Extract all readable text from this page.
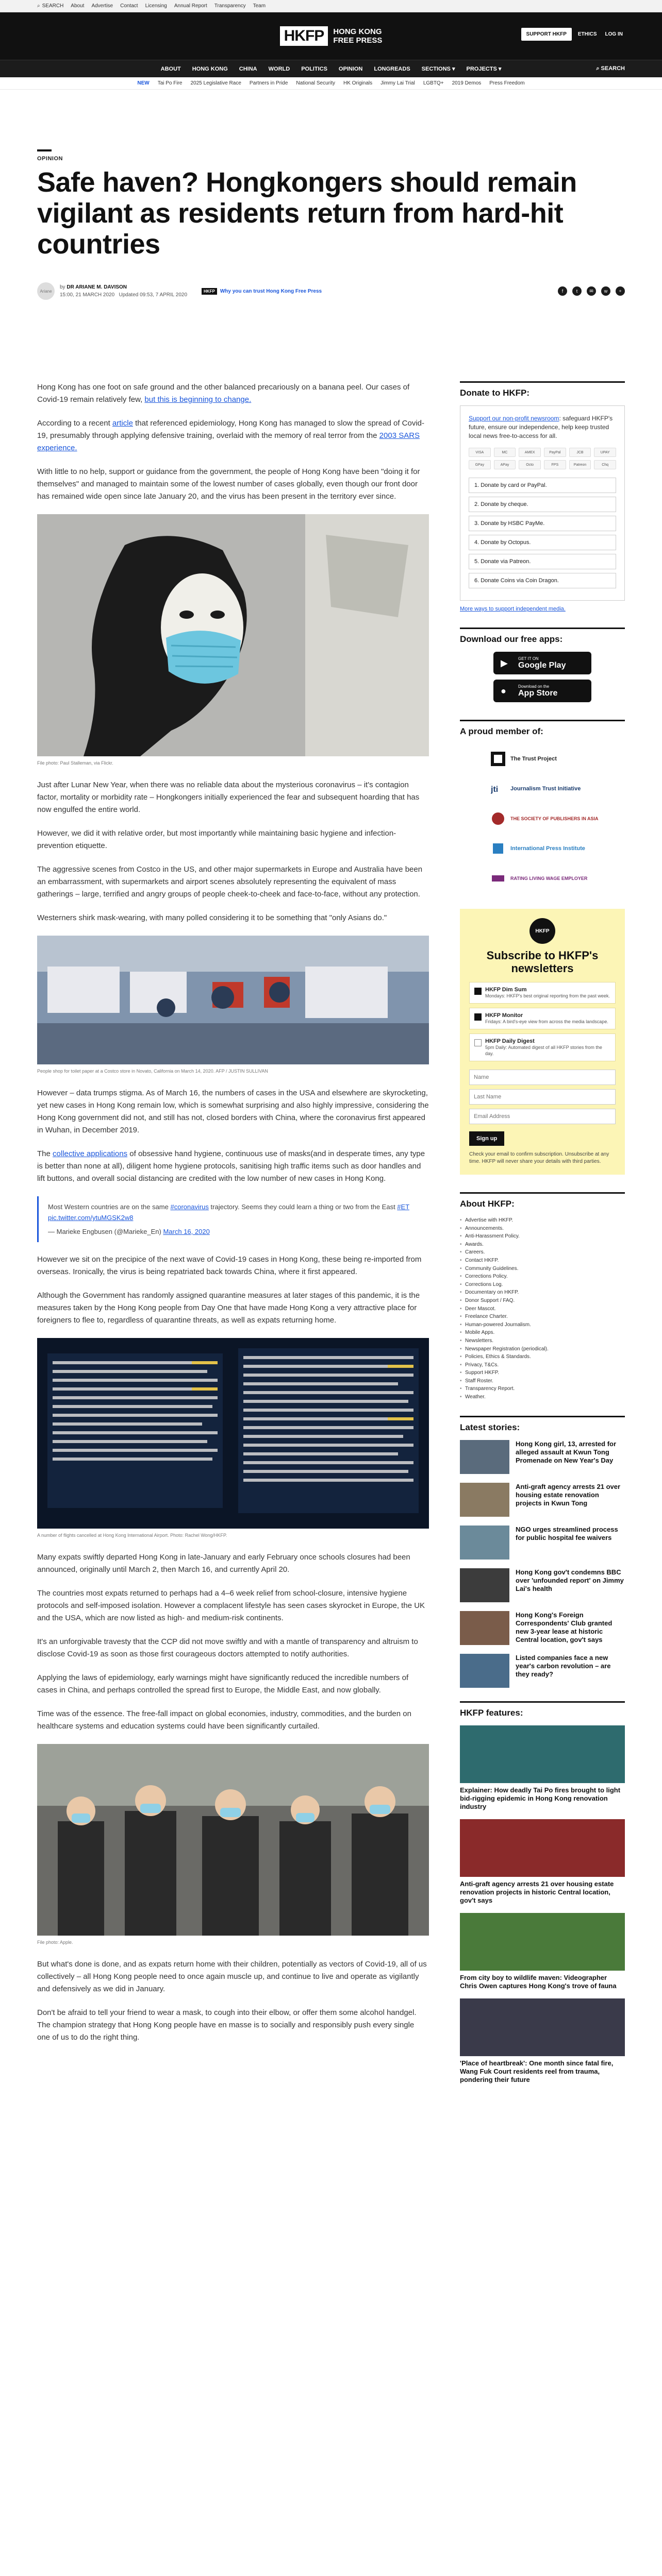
⌕ SEARCH About Advertise Contact Licensing Annual Report Transparency Team
HKFP	HONG KONG
FREE PRESS
SUPPORT HKFP	ETHICS	LOG IN
ABOUT HONG KONG CHINA WORLD POLITICS OPINION LONGREADS SECTIONS ▾ PROJECTS ▾	⌕ SEARCH
NEW Tai Po Fire 2025 Legislative Race Partners in Pride National Security HK Originals Jimmy Lai Trial LGBTQ+ 2019 Demos Press Freedom
OPINION
Safe haven? Hongkongers should remain vigilant as residents return from hard-hit countries
Ariane
by DR ARIANE M. DAVISON
15:00, 21 MARCH 2020 Updated 09:53, 7 APRIL 2020
HKFP	Why you can trust Hong Kong Free Press	f	t	✉	w	+

Hong Kong has one foot on safe ground and the other balanced precariously on a banana peel. Our cases of Covid-19 remain relatively few, but this is beginning to change.

According to a recent article that referenced epidemiology, Hong Kong has managed to slow the spread of Covid-19, presumably through applying defensive training, overlaid with the memory of real terror from the 2003 SARS experience.

With little to no help, support or guidance from the government, the people of Hong Kong have been "doing it for themselves" and managed to maintain some of the lowest number of cases globally, even though our front door has remained wide open since late January 20, and the virus has been present in the territory ever since.

File photo: Paul Stalleman, via Flickr.

Just after Lunar New Year, when there was no reliable data about the mysterious coronavirus – it's contagion factor, mortality or morbidity rate – Hongkongers initially experienced the fear and subsequent hoarding that has now engulfed the entire world.

However, we did it with relative order, but most importantly while maintaining basic hygiene and infection-prevention etiquette.

The aggressive scenes from Costco in the US, and other major supermarkets in Europe and Australia have been an embarrassment, with supermarkets and airport scenes absolutely representing the equivalent of mass gatherings – large, terrified and angry groups of people cheek-to-cheek and face-to-face, without any protection.

Westerners shirk mask-wearing, with many polled considering it to be something that "only Asians do."

People shop for toilet paper at a Costco store in Novato, California on March 14, 2020. AFP / JUSTIN SULLIVAN

However – data trumps stigma. As of March 16, the numbers of cases in the USA and elsewhere are skyrocketing, yet new cases in Hong Kong remain low, which is somewhat surprising and also highly impressive, considering the Hong Kong government did not, and still has not, closed borders with China, where the coronavirus first appeared in Wuhan, in December 2019.

The collective applications of obsessive hand hygiene, continuous use of masks(and in desperate times, any type is better than none at all), diligent home hygiene protocols, sanitising high traffic items such as door handles and lift buttons, and overall social distancing are credited with the low number of new cases in Hong Kong.

Most Western countries are on the same #coronavirus trajectory. Seems they could learn a thing or two from the East #ET pic.twitter.com/ytuMGSK2w8
— Marieke Engbusen (@Marieke_En) March 16, 2020

However we sit on the precipice of the next wave of Covid-19 cases in Hong Kong, these being re-imported from overseas. Ironically, the virus is being repatriated back towards China, where it first appeared.

Although the Government has randomly assigned quarantine measures at later stages of this pandemic, it is the measures taken by the Hong Kong people from Day One that have made Hong Kong a very attractive place for foreigners to flee to, regardless of quarantine threats, as well as expats returning home.

A number of flights cancelled at Hong Kong International Airport. Photo: Rachel Wong/HKFP.

Many expats swiftly departed Hong Kong in late-January and early February once schools closures had been announced, originally until March 2, then March 16, and currently April 20.

The countries most expats returned to perhaps had a 4–6 week relief from school-closure, intensive hygiene protocols and self-imposed isolation. However a complacent lifestyle has seen cases skyrocket in Europe, the UK and the USA, which are now listed as high- and medium-risk continents.

It's an unforgivable travesty that the CCP did not move swiftly and with a mantle of transparency and altruism to disclose Covid-19 as soon as those first courageous doctors attempted to notify authorities.

Applying the laws of epidemiology, early warnings might have significantly reduced the incredible numbers of cases in China, and perhaps controlled the spread first to Europe, the Middle East, and now globally.

Time was of the essence. The free-fall impact on global economies, industry, commodities, and the burden on healthcare systems and education systems could have been significantly curtailed.

File photo: Apple.

But what's done is done, and as expats return home with their children, potentially as vectors of Covid-19, all of us collectively – all Hong Kong people need to once again muscle up, and continue to live and operate as vigilantly and defensively as we did in January.

Don't be afraid to tell your friend to wear a mask, to cough into their elbow, or offer them some alcohol handgel. The champion strategy that Hong Kong people have en masse is to socially and responsibly push every single one of us to do the right thing.

Donate to HKFP:
Support our non-profit newsroom: safeguard HKFP's future, ensure our independence, help keep trusted local news free-to-access for all.
VISA	MC	AMEX	PayPal	JCB	UPAY
GPay	APay	Octo	FPS	Patreon	Chq
1. Donate by card or PayPal.
2. Donate by cheque.
3. Donate by HSBC PayMe.
4. Donate by Octopus.
5. Donate via Patreon.
6. Donate Coins via Coin Dragon.
More ways to support independent media.
Download our free apps:
▶	GET IT ON
Google Play
●	Download on the
App Store
A proud member of:
The Trust Project
jti Journalism Trust Initiative
THE SOCIETY OF PUBLISHERS IN ASIA
International Press Institute
RATING LIVING WAGE EMPLOYER
HKFP
Subscribe to HKFP's newsletters
HKFP Dim Sum
Mondays: HKFP's best original reporting from the past week.
HKFP Monitor
Fridays: A bird's-eye view from across the media landscape.
HKFP Daily Digest
5pm Daily: Automated digest of all HKFP stories from the day.
Name Last Name Email Address Sign up
Check your email to confirm subscription. Unsubscribe at any time. HKFP will never share your details with third parties.
About HKFP:
• Advertise with HKFP.
• Announcements.
• Anti-Harassment Policy.
• Awards.
• Careers.
• Contact HKFP.
• Community Guidelines.
• Corrections Policy.
• Corrections Log.
• Documentary on HKFP.
• Donor Support / FAQ.
• Deer Mascot.
• Freelance Charter.
• Human-powered Journalism.
• Mobile Apps.
• Newsletters.
• Newspaper Registration (periodical).
• Policies, Ethics & Standards.
• Privacy, T&Cs.
• Support HKFP.
• Staff Roster.
• Transparency Report.
• Weather.
Latest stories:
Hong Kong girl, 13, arrested for alleged assault at Kwun Tong Promenade on New Year's Day
Anti-graft agency arrests 21 over housing estate renovation projects in Kwun Tong
NGO urges streamlined process for public hospital fee waivers
Hong Kong gov't condemns BBC over 'unfounded report' on Jimmy Lai's health
Hong Kong's Foreign Correspondents' Club granted new 3-year lease at historic Central location, gov't says
Listed companies face a new year's carbon revolution – are they ready?
HKFP features:
Explainer: How deadly Tai Po fires brought to light bid-rigging epidemic in Hong Kong renovation industry
Anti-graft agency arrests 21 over housing estate renovation projects in historic Central location, gov't says
From city boy to wildlife maven: Videographer Chris Owen captures Hong Kong's trove of fauna
'Place of heartbreak': One month since fatal fire, Wang Fuk Court residents reel from trauma, pondering their future
